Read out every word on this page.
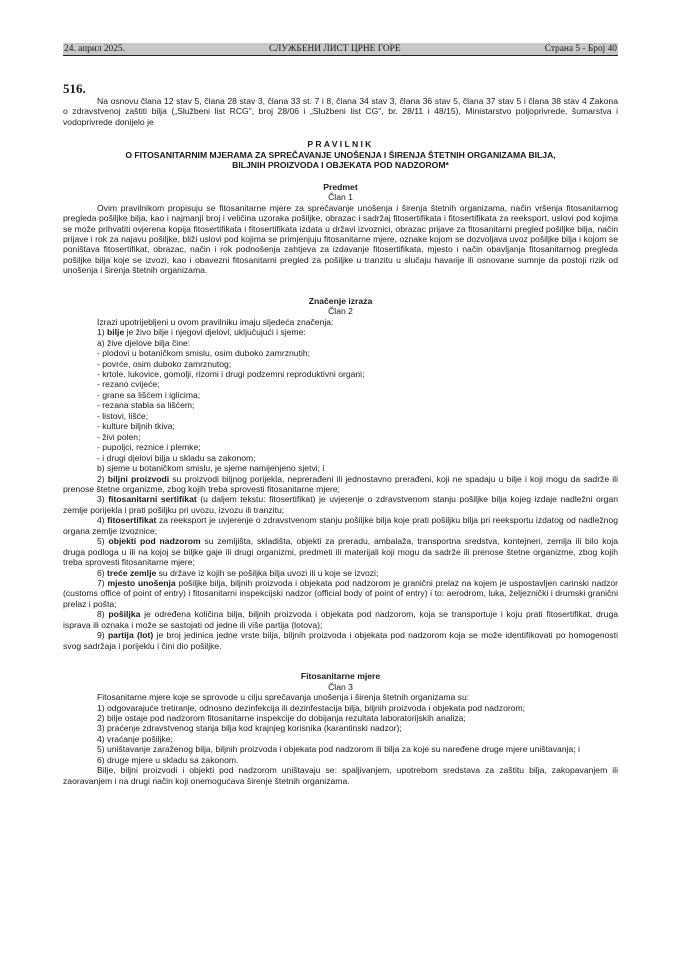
24. април 2025.	СЛУЖБЕНИ ЛИСТ ЦРНЕ ГОРЕ	Страна 5 - Број 40
516.

Na osnovu člana 12 stav 5, člana 28 stav 3, člana 33 st. 7 i 8, člana 34 stav 3, člana 36 stav 5, člana 37 stav 5 i člana 38 stav 4 Zakona o zdravstvenoj zaštiti bilja („Službeni list RCG", broj 28/06 i „Službeni list CG", br. 28/11 i 48/15), Ministarstvo poljoprivrede, šumarstva i vodoprivrede donijelo je

PRAVILNIK
O FITOSANITARNIM MJERAMA ZA SPREČAVANJE UNOŠENJA I ŠIRENJA ŠTETNIH ORGANIZAMA BILJA,
BILJNIH PROIZVODA I OBJEKATA POD NADZOROM*
Predmet
Član 1

Ovim pravilnikom propisuju se fitosanitarne mjere za sprečavanje unošenja i širenja štetnih organizama, način vršenja fitosanitarnog pregleda pošiljke bilja, kao i najmanji broj i veličina uzoraka pošiljke, obrazac i sadržaj fitosertifikata i fitosertifikata za reeksport, uslovi pod kojima se može prihvatiti ovjerena kopija fitosertifikata i fitosertifikata izdata u državi izvoznici, obrazac prijave za fitosanitarni pregled pošiljke bilja, način prijave i rok za najavu pošiljke, bliži uslovi pod kojima se primjenjuju fitosanitarne mjere, oznake kojom se dozvoljava uvoz pošiljke bilja i kojom se poništava fitosertifikat, obrazac, način i rok podnošenja zahtjeva za izdavanje fitosertifikata, mjesto i način obavljanja fitosanitarnog pregleda pošiljke bilja koje se izvozi, kao i obavezni fitosanitarni pregled za pošiljke u tranzitu u slučaju havarije ili osnovane sumnje da postoji rizik od unošenja i širenja štetnih organizama.

Značenje izraza
Član 2

Izrazi upotrijebljeni u ovom pravilniku imaju sljedeća značenja:

1) bilje je živo bilje i njegovi djelovi, uključujući i sjeme:

a) žive djelove bilja čine:

- plodovi u botaničkom smislu, osim duboko zamrznutih;

- povrće, osim duboko zamrznutog;

- krtole, lukovice, gomolji, rizomi i drugi podzemni reproduktivni organi;

- rezano cvijeće;

- grane sa lišćem i iglicima;

- rezana stabla sa lišćem;

- listovi, lišće;

- kulture biljnih tkiva;

- živi polen;

- pupoljci, reznice i plemke;

- i drugi djelovi bilja u skladu sa zakonom;

b) sjeme u botaničkom smislu, je sjeme namijenjeno sjetvi; i

2) biljni proizvodi su proizvodi biljnog porijekla, neprerađeni ili jednostavno prerađeni, koji ne spadaju u bilje i koji mogu da sadrže ili prenose štetne organizme, zbog kojih treba sprovesti fitosanitarne mjere;

3) fitosanitarni sertifikat (u daljem tekstu: fitosertifikat) je uvjerenje o zdravstvenom stanju pošiljke bilja kojeg izdaje nadležni organ zemlje porijekla i prati pošiljku pri uvozu, izvozu ili tranzitu;

4) fitosertifikat za reeksport je uvjerenje o zdravstvenom stanju pošiljke bilja koje prati pošiljku bilja pri reeksportu izdatog od nadležnog organa zemlje izvoznice;

5) objekti pod nadzorom su zemljišta, skladišta, objekti za preradu, ambalaža, transportna sredstva, kontejneri, zemlja ili bilo koja druga podloga u ili na kojoj se biljke gaje ili drugi organizmi, predmeti ili materijali koji mogu da sadrže ili prenose štetne organizme, zbog kojih treba sprovesti fitosanitarne mjere;

6) treće zemlje su države iz kojih se pošiljka bilja uvozi ili u koje se izvozi;

7) mjesto unošenja pošiljke bilja, biljnih proizvoda i objekata pod nadzorom je granični prelaz na kojem je uspostavljen carinski nadzor (customs office of point of entry) i fitosanitarni inspekcijski nadzor (official body of point of entry) i to: aerodrom, luka, željeznički i drumski granični prelaz i pošta;

8) pošiljka je određena količina bilja, biljnih proizvoda i objekata pod nadzorom, koja se transportuje i koju prati fitosertifikat, druga isprava ili oznaka i može se sastojati od jedne ili više partija (lotova);

9) partija (lot) je broj jedinica jedne vrste bilja, biljnih proizvoda i objekata pod nadzorom koja se može identifikovati po homogenosti svog sadržaja i porijeklu i čini dio pošiljke.

Fitosanitarne mjere
Član 3

Fitosanitarne mjere koje se sprovode u cilju sprečavanja unošenja i širenja štetnih organizama su:

1) odgovarajuće tretiranje, odnosno dezinfekcija ili dezinfestacija bilja, biljnih proizvoda i objekata pod nadzorom;

2) bilje ostaje pod nadzorom fitosanitarne inspekcije do dobijanja rezultata laboratorijskih analiza;

3) praćenje zdravstvenog stanja bilja kod krajnjeg korisnika (karantinski nadzor);

4) vraćanje pošiljke;

5) uništavanje zaraženog bilja, biljnih proizvoda i objekata pod nadzorom ili bilja za koje su naređene druge mjere uništavanja; i

6) druge mjere u skladu sa zakonom.

Bilje, biljni proizvodi i objekti pod nadzorom uništavaju se: spaljivanjem, upotrebom sredstava za zaštitu bilja, zakopavanjem ili zaoravanjem i na drugi način koji onemogućava širenje štetnih organizama.
